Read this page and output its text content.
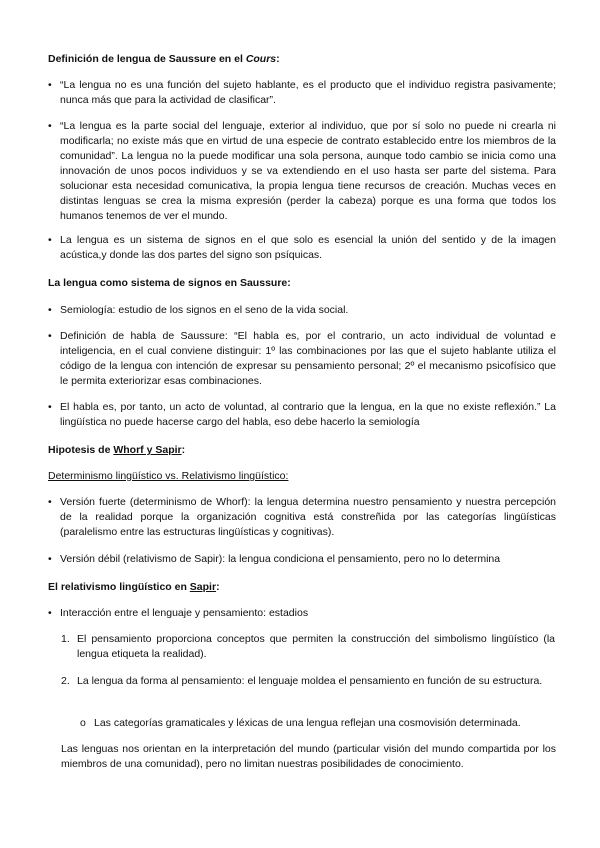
Definición de lengua de Saussure en el Cours:
• “La lengua no es una función del sujeto hablante, es el producto que el individuo registra pasivamente; nunca más que para la actividad de clasificar”.
• “La lengua es la parte social del lenguaje, exterior al individuo, que por sí solo no puede ni crearla ni modificarla; no existe más que en virtud de una especie de contrato establecido entre los miembros de la comunidad”. La lengua no la puede modificar una sola persona, aunque todo cambio se inicia como una innovación de unos pocos individuos y se va extendiendo en el uso hasta ser parte del sistema. Para solucionar esta necesidad comunicativa, la propia lengua tiene recursos de creación. Muchas veces en distintas lenguas se crea la misma expresión (perder la cabeza) porque es una forma que todos los humanos tenemos de ver el mundo.
• La lengua es un sistema de signos en el que solo es esencial la unión del sentido y de la imagen acústica,y donde las dos partes del signo son psíquicas.
La lengua como sistema de signos en Saussure:
• Semiología: estudio de los signos en el seno de la vida social.
• Definición de habla de Saussure: “El habla es, por el contrario, un acto individual de voluntad e inteligencia, en el cual conviene distinguir: 1º las combinaciones por las que el sujeto hablante utiliza el código de la lengua con intención de expresar su pensamiento personal; 2º el mecanismo psicofísico que le permita exteriorizar esas combinaciones.
• El habla es, por tanto, un acto de voluntad, al contrario que la lengua, en la que no existe reflexión.” La lingüística no puede hacerse cargo del habla, eso debe hacerlo la semiología
Hipotesis de Whorf y Sapir:
Determinismo lingüístico vs. Relativismo lingüístico:
• Versión fuerte (determinismo de Whorf): la lengua determina nuestro pensamiento y nuestra percepción de la realidad porque la organización cognitiva está constreñida por las categorías lingüísticas (paralelismo entre las estructuras lingüísticas y cognitivas).
• Versión débil (relativismo de Sapir): la lengua condiciona el pensamiento, pero no lo determina
El relativismo lingüístico en Sapir:
• Interacción entre el lenguaje y pensamiento: estadios
1. El pensamiento proporciona conceptos que permiten la construcción del simbolismo lingüístico (la lengua etiqueta la realidad).
2. La lengua da forma al pensamiento: el lenguaje moldea el pensamiento en función de su estructura.
o Las categorías gramaticales y léxicas de una lengua reflejan una cosmovisión determinada.
Las lenguas nos orientan en la interpretación del mundo (particular visión del mundo compartida por los miembros de una comunidad), pero no limitan nuestras posibilidades de conocimiento.
